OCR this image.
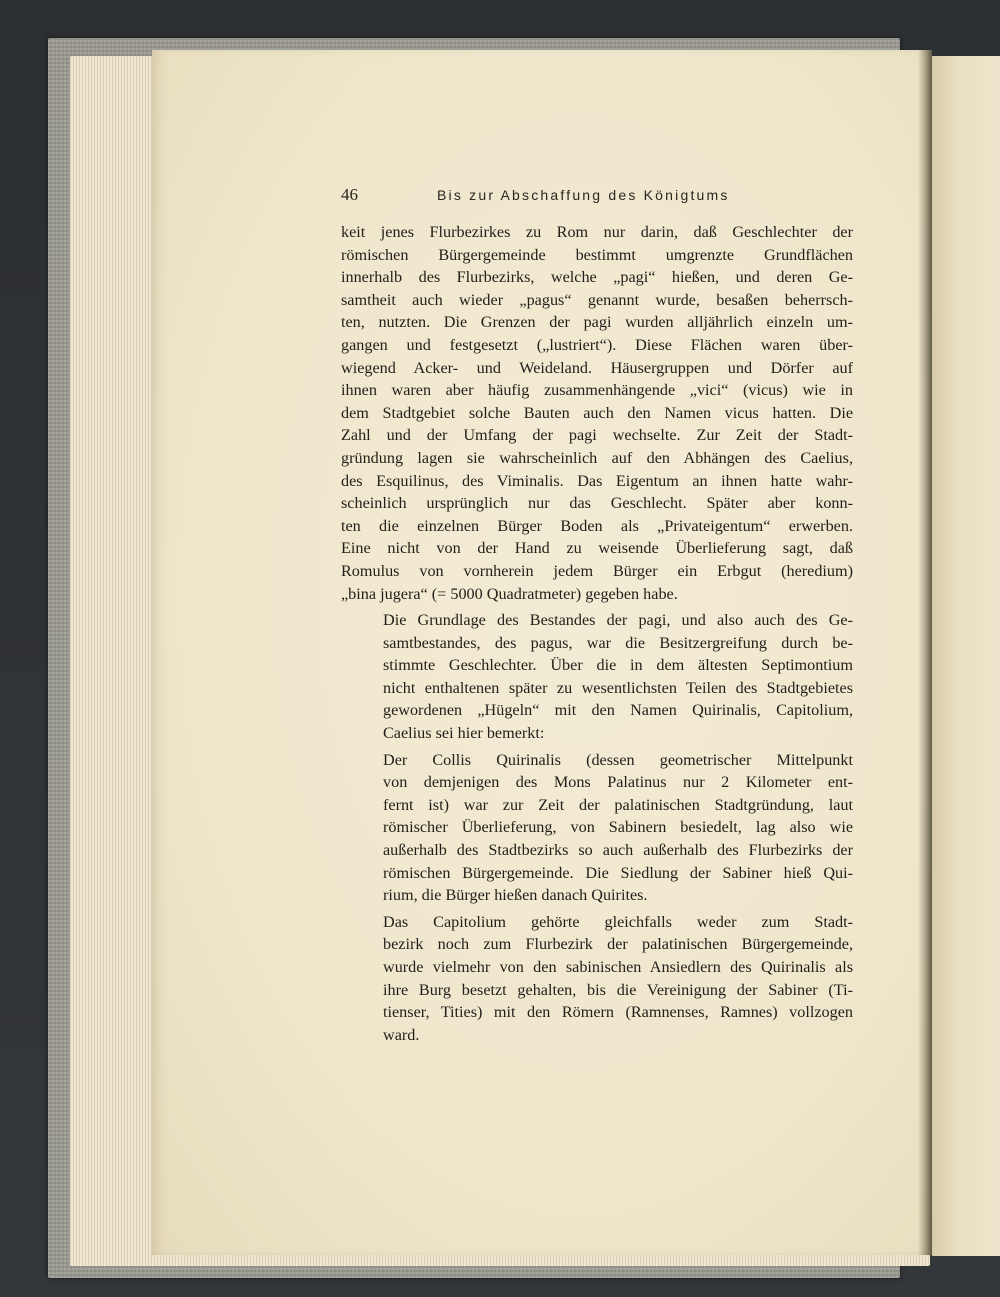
46	Bis zur Abschaffung des Königtums

keit jenes Flurbezirkes zu Rom nur darin, daß Geschlechter der
römischen Bürgergemeinde bestimmt umgrenzte Grundflächen
innerhalb des Flurbezirks, welche „pagi“ hießen, und deren Ge-
samtheit auch wieder „pagus“ genannt wurde, besaßen beherrsch-
ten, nutzten. Die Grenzen der pagi wurden alljährlich einzeln um-
gangen und festgesetzt („lustriert“). Diese Flächen waren über-
wiegend Acker- und Weideland. Häusergruppen und Dörfer auf
ihnen waren aber häufig zusammenhängende „vici“ (vicus) wie in
dem Stadtgebiet solche Bauten auch den Namen vicus hatten. Die
Zahl und der Umfang der pagi wechselte. Zur Zeit der Stadt-
gründung lagen sie wahrscheinlich auf den Abhängen des Caelius,
des Esquilinus, des Viminalis. Das Eigentum an ihnen hatte wahr-
scheinlich ursprünglich nur das Geschlecht. Später aber konn-
ten die einzelnen Bürger Boden als „Privateigentum“ erwerben.
Eine nicht von der Hand zu weisende Überlieferung sagt, daß
Romulus von vornherein jedem Bürger ein Erbgut (heredium)
„bina jugera“ (= 5000 Quadratmeter) gegeben habe.

Die Grundlage des Bestandes der pagi, und also auch des Ge-
samtbestandes, des pagus, war die Besitzergreifung durch be-
stimmte Geschlechter. Über die in dem ältesten Septimontium
nicht enthaltenen später zu wesentlichsten Teilen des Stadtgebietes
gewordenen „Hügeln“ mit den Namen Quirinalis, Capitolium,
Caelius sei hier bemerkt:

Der Collis Quirinalis (dessen geometrischer Mittelpunkt
von demjenigen des Mons Palatinus nur 2 Kilometer ent-
fernt ist) war zur Zeit der palatinischen Stadtgründung, laut
römischer Überlieferung, von Sabinern besiedelt, lag also wie
außerhalb des Stadtbezirks so auch außerhalb des Flurbezirks der
römischen Bürgergemeinde. Die Siedlung der Sabiner hieß Qui-
rium, die Bürger hießen danach Quirites.

Das Capitolium gehörte gleichfalls weder zum Stadt-
bezirk noch zum Flurbezirk der palatinischen Bürgergemeinde,
wurde vielmehr von den sabinischen Ansiedlern des Quirinalis als
ihre Burg besetzt gehalten, bis die Vereinigung der Sabiner (Ti-
tienser, Tities) mit den Römern (Ramnenses, Ramnes) vollzogen
ward.
